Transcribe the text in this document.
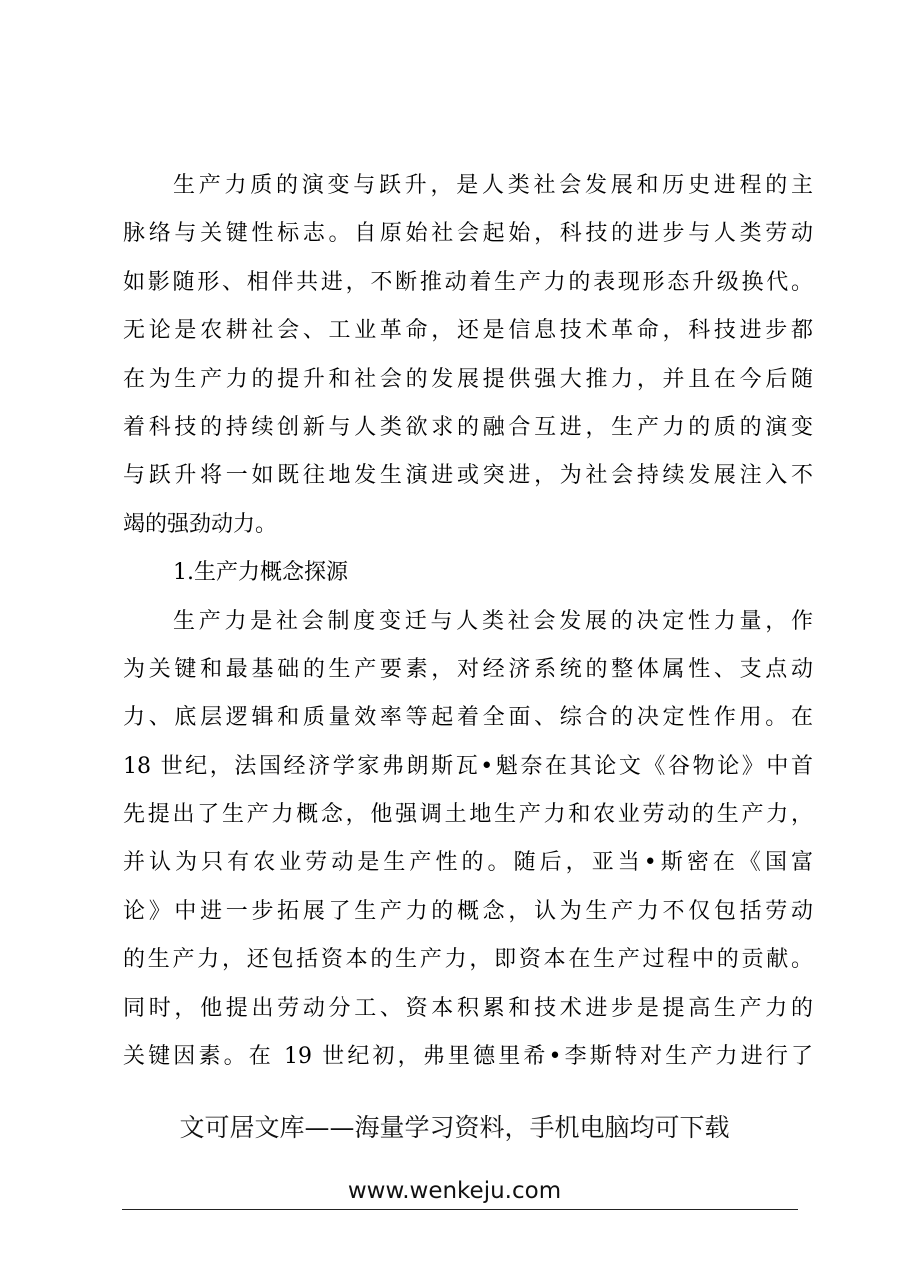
生产力质的演变与跃升，是人类社会发展和历史进程的主
脉络与关键性标志。自原始社会起始，科技的进步与人类劳动
如影随形、相伴共进，不断推动着生产力的表现形态升级换代。
无论是农耕社会、工业革命，还是信息技术革命，科技进步都
在为生产力的提升和社会的发展提供强大推力，并且在今后随
着科技的持续创新与人类欲求的融合互进，生产力的质的演变
与跃升将一如既往地发生演进或突进，为社会持续发展注入不
竭的强劲动力。
1.生产力概念探源
生产力是社会制度变迁与人类社会发展的决定性力量，作
为关键和最基础的生产要素，对经济系统的整体属性、支点动
力、底层逻辑和质量效率等起着全面、综合的决定性作用。在
18 世纪，法国经济学家弗朗斯瓦•魁奈在其论文《谷物论》中首
先提出了生产力概念，他强调土地生产力和农业劳动的生产力，
并认为只有农业劳动是生产性的。随后，亚当•斯密在《国富
论》中进一步拓展了生产力的概念，认为生产力不仅包括劳动
的生产力，还包括资本的生产力，即资本在生产过程中的贡献。
同时，他提出劳动分工、资本积累和技术进步是提高生产力的
关键因素。在 19 世纪初，弗里德里希•李斯特对生产力进行了
文可居文库——海量学习资料，手机电脑均可下载
www.wenkeju.com
